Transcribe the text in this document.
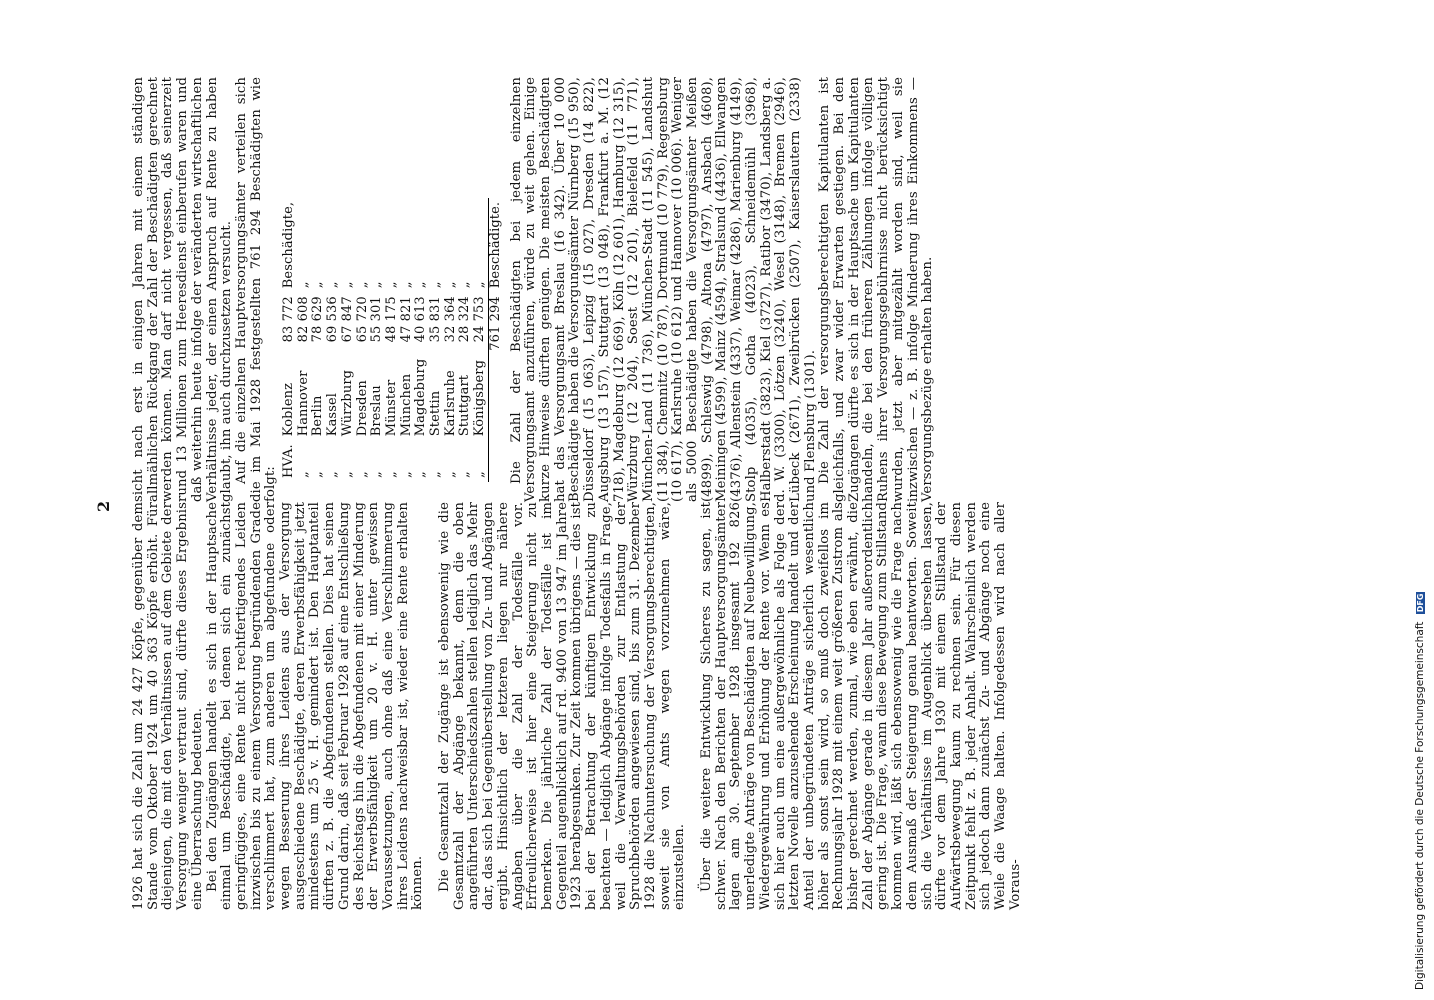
2 1926 hat sich die Zahl um 24 427 Köpfe, gegenüber dem Stande vom Oktober 1924 um 40 363 Köpfe erhöht. Für diejenigen, die mit den Verhältnissen auf dem Gebiete der Versorgung weniger vertraut sind, dürfte dieses Ergebnis eine Überraschung bedeuten. Bei den Zugängen handelt es sich in der Hauptsache einmal um Beschädigte, bei denen sich ein zunächst geringfügiges, eine Rente nicht rechtfertigendes Leiden inzwischen bis zu einem Versorgung begründenden Grade verschlimmert hat, zum anderen um abgefundene oder wegen Besserung ihres Leidens aus der Versorgung ausgeschiedene Beschädigte, deren Erwerbsfähigkeit jetzt mindestens um 25 v. H. gemindert ist. Den Hauptanteil dürften z. B. die Abgefundenen stellen. Dies hat seinen Grund darin, daß seit Februar 1928 auf eine Entschließung des Reichstags hin die Abgefundenen mit einer Minderung der Erwerbsfähigkeit um 20 v. H. unter gewissen Voraussetzungen, auch ohne daß eine Verschlimmerung ihres Leidens nachweisbar ist, wieder eine Rente erhalten können. Die Gesamtzahl der Zugänge ist ebensowenig wie die Gesamtzahl der Abgänge bekannt, denn die oben angeführten Unterschiedszahlen stellen lediglich das Mehr dar, das sich bei Gegenüberstellung von Zu- und Abgängen ergibt. Hinsichtlich der letzteren liegen nur nähere Angaben über die Zahl der Todesfälle vor. Erfreulicherweise ist hier eine Steigerung nicht zu bemerken. Die jährliche Zahl der Todesfälle ist im Gegenteil augenblicklich auf rd. 9400 von 13 947 im Jahre 1923 herabgesunken. Zur Zeit kommen übrigens — dies ist bei der Betrachtung der künftigen Entwicklung zu beachten — lediglich Abgänge infolge Todesfalls in Frage, weil die Verwaltungsbehörden zur Entlastung der Spruchbehörden angewiesen sind, bis zum 31. Dezember 1928 die Nachuntersuchung der Versorgungsberechtigten, soweit sie von Amts wegen vorzunehmen wäre, einzustellen. Über die weitere Entwicklung Sicheres zu sagen, ist schwer. Nach den Berichten der Hauptversorgungsämter lagen am 30. September 1928 insgesamt 192 826 unerledigte Anträge von Beschädigten auf Neubewilligung, Wiedergewährung und Erhöhung der Rente vor. Wenn es sich hier auch um eine außergewöhnliche als Folge der letzten Novelle anzusehende Erscheinung handelt und der Anteil der unbegründeten Anträge sicherlich wesentlich höher als sonst sein wird, so muß doch zweifellos im Rechnungsjahr 1928 mit einem weit größeren Zustrom als bisher gerechnet werden, zumal, wie eben erwähnt, die Zahl der Abgänge gerade in diesem Jahr außerordentlich gering ist. Die Frage, wann diese Bewegung zum Stillstand kommen wird, läßt sich ebensowenig wie die Frage nach dem Ausmaß der Steigerung genau beantworten. Soweit sich die Verhältnisse im Augenblick übersehen lassen, dürfte vor dem Jahre 1930 mit einem Stillstand der Aufwärtsbewegung kaum zu rechnen sein. Für diesen Zeitpunkt fehlt z. B. jeder Anhalt. Wahrscheinlich werden sich jedoch dann zunächst Zu- und Abgänge noch eine Weile die Waage halten. Infolgedessen wird nach aller Voraus-

sicht nach erst in einigen Jahren mit einem ständigen allmählichen Rückgang der Zahl der Beschädigten gerechnet werden können. Man darf nicht vergessen, daß seinerzeit rund 13 Millionen zum Heeresdienst einberufen waren und daß weiterhin heute infolge der veränderten wirtschaftlichen Verhältnisse jeder, der einen Anspruch auf Rente zu haben glaubt, ihn auch durchzusetzen versucht. Auf die einzelnen Hauptversorgungsämter verteilen sich die im Mai 1928 festgestellten 761 294 Beschädigten wie folgt:

HVA.	Koblenz	83 772	Beschädigte,
„	Hannover	82 608	„
„	Berlin	78 629	„
„	Kassel	69 536	„
„	Würzburg	67 847	„
„	Dresden	65 720	„
„	Breslau	55 301	„
„	Münster	48 175	„
„	München	47 821	„
„	Magdeburg	40 613	„
„	Stettin	35 831	„
„	Karlsruhe	32 364	„
„	Stuttgart	28 324	„
„	Königsberg	24 753	„
		761 294	Beschädigte. Die Zahl der Beschädigten bei jedem einzelnen Versorgungsamt anzuführen, würde zu weit gehen. Einige kurze Hinweise dürften genügen. Die meisten Beschädigten hat das Versorgungsamt Breslau (16 342). Über 10 000 Beschädigte haben die Versorgungsämter Nürnberg (15 950), Düsseldorf (15 063), Leipzig (15 027), Dresden (14 822), Augsburg (13 157), Stuttgart (13 048), Frankfurt a. M. (12 718), Magdeburg (12 669), Köln (12 601), Hamburg (12 315), Würzburg (12 204), Soest (12 201), Bielefeld (11 771), München-Land (11 736), München-Stadt (11 545), Landshut (11 384), Chemnitz (10 787), Dortmund (10 779), Regensburg (10 617), Karlsruhe (10 612) und Hannover (10 006). Weniger als 5000 Beschädigte haben die Versorgungsämter Meißen (4899), Schleswig (4798), Altona (4797), Ansbach (4608), Meiningen (4599), Mainz (4594), Stralsund (4436), Ellwangen (4376), Allenstein (4337), Weimar (4286), Marienburg (4149), Stolp (4035), Gotha (4023), Schneidemühl (3968), Halberstadt (3823), Kiel (3727), Ratibor (3470), Landsberg a. d. W. (3300), Lötzen (3240), Wesel (3148), Bremen (2946), Lübeck (2671), Zweibrücken (2507), Kaiserslautern (2338) und Flensburg (1301). Die Zahl der versorgungsberechtigten Kapitulanten ist gleichfalls, und zwar wider Erwarten gestiegen. Bei den Zugängen dürfte es sich in der Hauptsache um Kapitulanten handeln, die bei den früheren Zählungen infolge völligen Ruhens ihrer Versorgungsgebührnisse nicht berücksichtigt wurden, jetzt aber mitgezählt worden sind, weil sie inzwischen — z. B. infolge Minderung ihres Einkommens — Versorgungsbezüge erhalten haben.

Digitalisierung gefördert durch die Deutsche Forschungsgemeinschaft DFG
